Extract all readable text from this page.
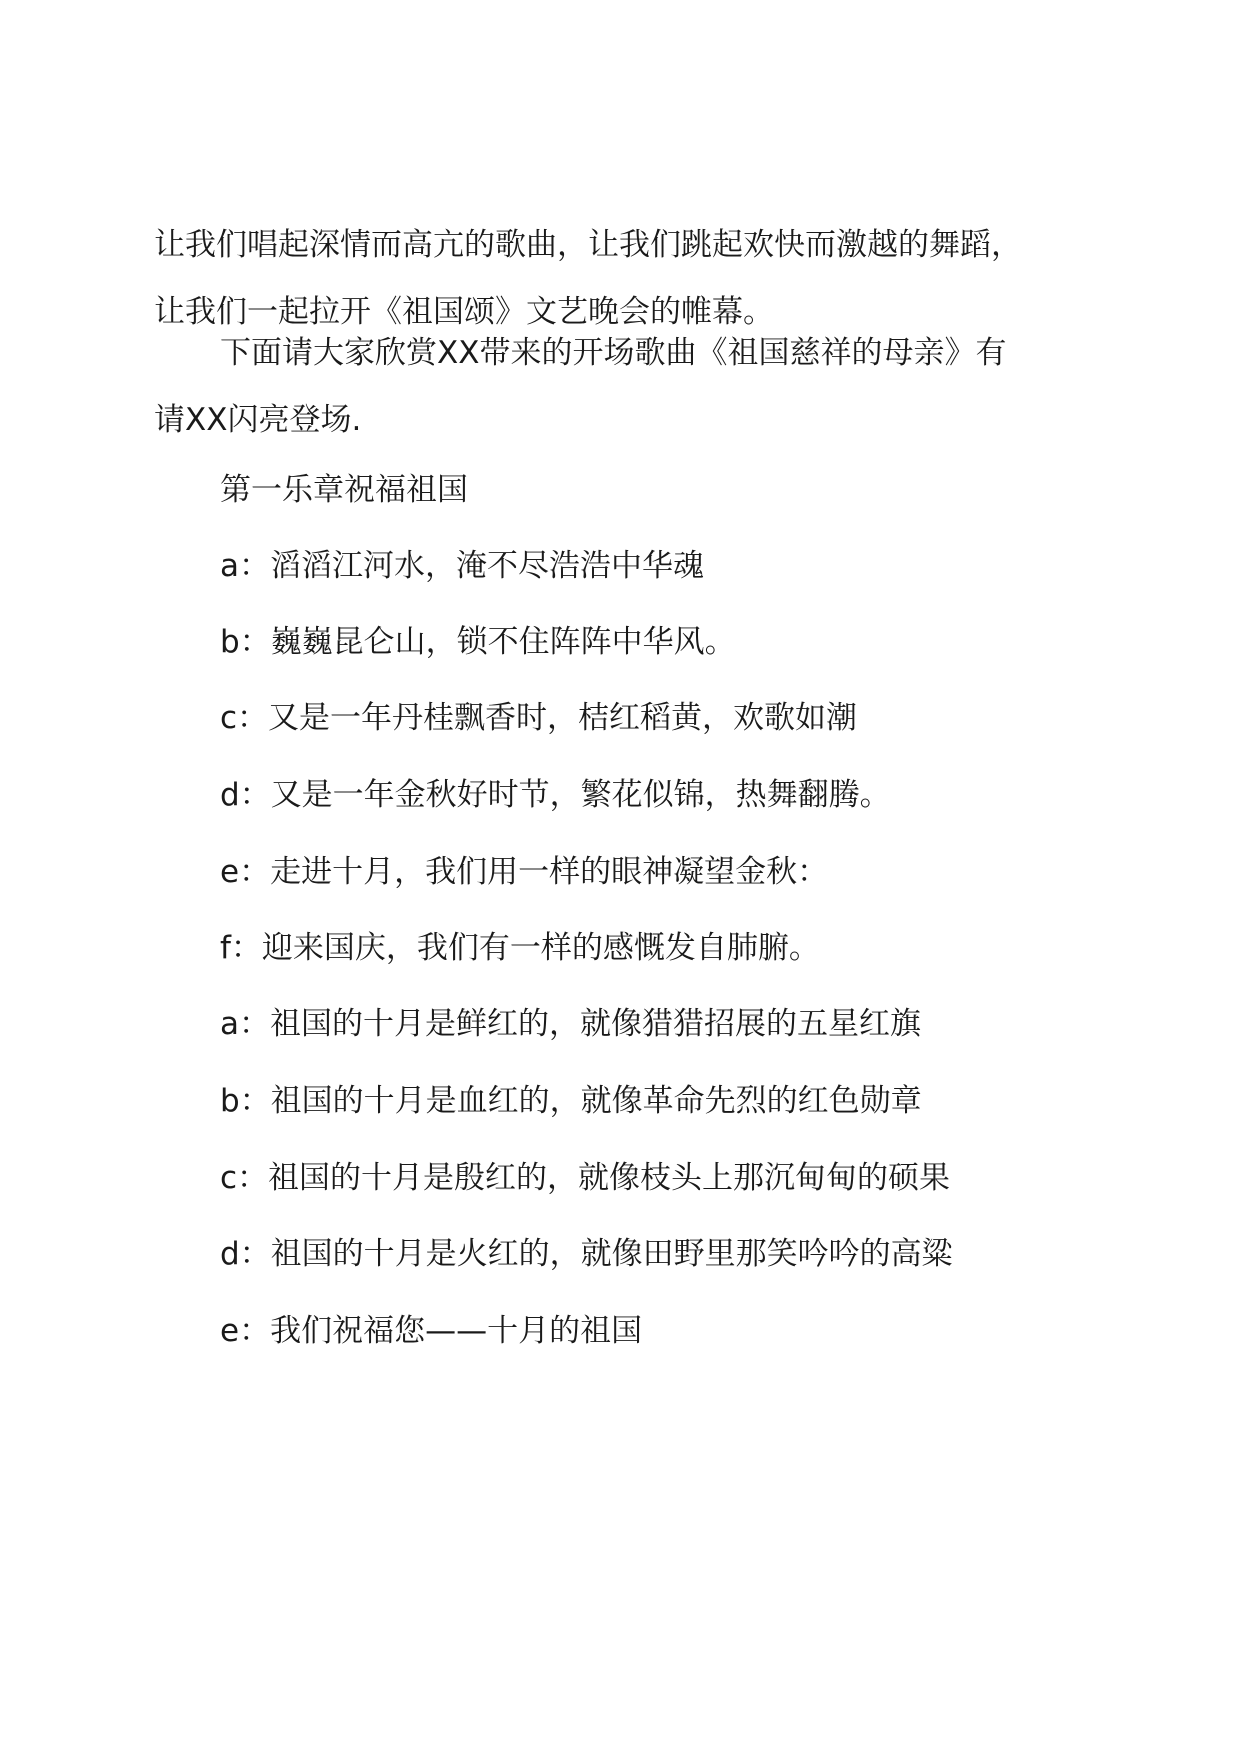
让我们唱起深情而高亢的歌曲，让我们跳起欢快而激越的舞蹈，
让我们一起拉开《祖国颂》文艺晚会的帷幕。
下面请大家欣赏XX带来的开场歌曲《祖国慈祥的母亲》有
请XX闪亮登场.
第一乐章祝福祖国
a：滔滔江河水，淹不尽浩浩中华魂
b：巍巍昆仑山，锁不住阵阵中华风。
c：又是一年丹桂飘香时，桔红稻黄，欢歌如潮
d：又是一年金秋好时节，繁花似锦，热舞翻腾。
e：走进十月，我们用一样的眼神凝望金秋：
f：迎来国庆，我们有一样的感慨发自肺腑。
a：祖国的十月是鲜红的，就像猎猎招展的五星红旗
b：祖国的十月是血红的，就像革命先烈的红色勋章
c：祖国的十月是殷红的，就像枝头上那沉甸甸的硕果
d：祖国的十月是火红的，就像田野里那笑吟吟的高粱
e：我们祝福您——十月的祖国
